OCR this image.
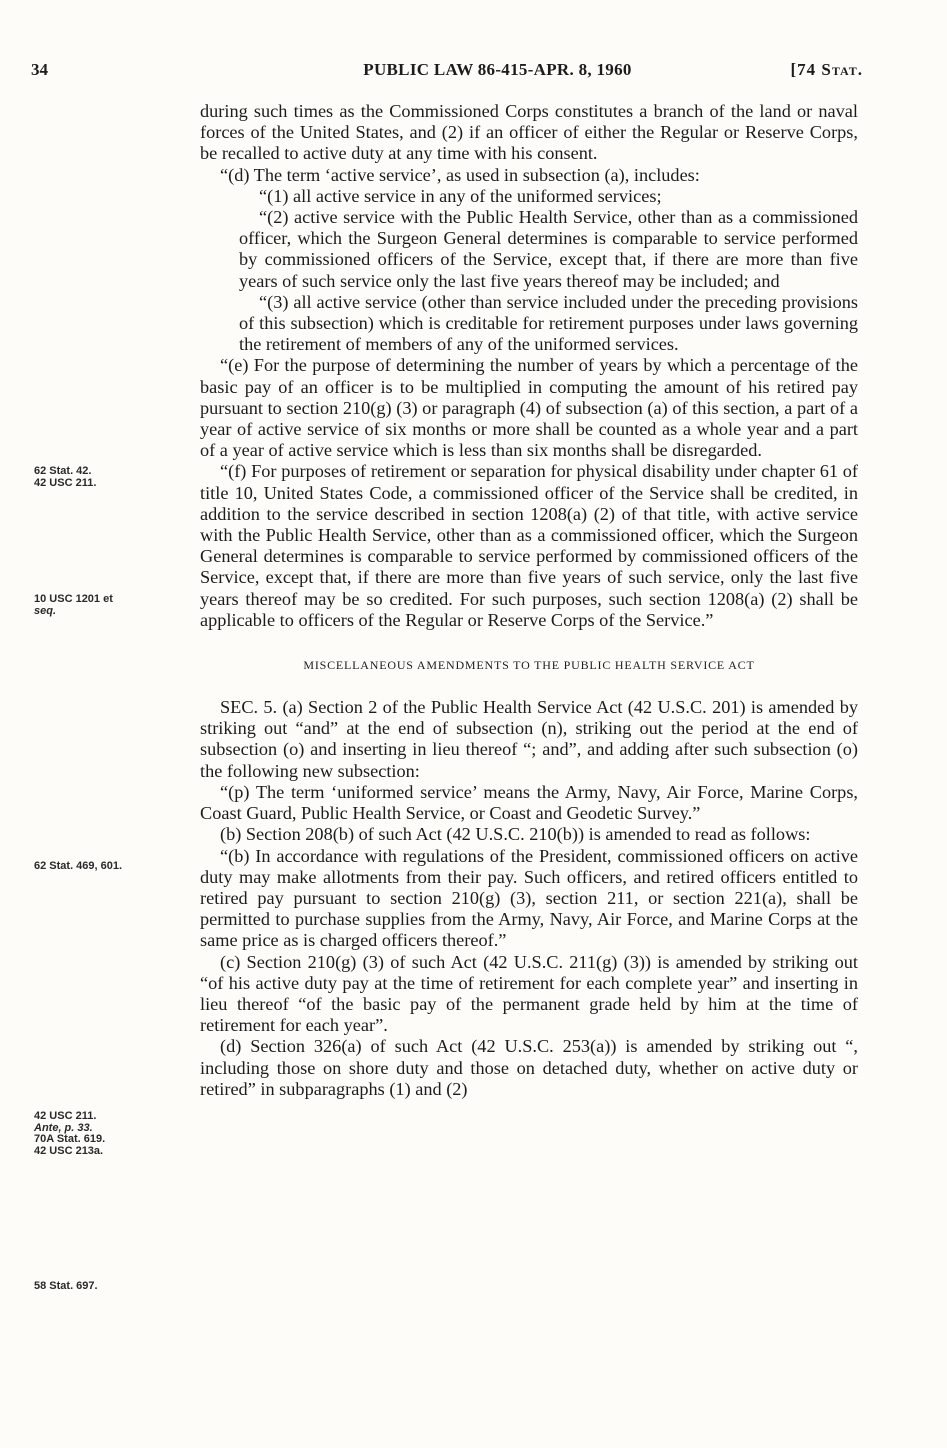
34	PUBLIC LAW 86-415-APR. 8, 1960	[74 STAT.
62 Stat. 42.
42 USC 211.
10 USC 1201 et
seq.
62 Stat. 469, 601.
42 USC 211.
Ante, p. 33.
70A Stat. 619.
42 USC 213a.
58 Stat. 697.

during such times as the Commissioned Corps constitutes a branch of the land or naval forces of the United States, and (2) if an officer of either the Regular or Reserve Corps, be recalled to active duty at any time with his consent.

“(d) The term ‘active service’, as used in subsection (a), includes:

“(1) all active service in any of the uniformed services;

“(2) active service with the Public Health Service, other than as a commissioned officer, which the Surgeon General determines is comparable to service performed by commissioned officers of the Service, except that, if there are more than five years of such service only the last five years thereof may be included; and

“(3) all active service (other than service included under the preceding provisions of this subsection) which is creditable for retirement purposes under laws governing the retirement of members of any of the uniformed services.

“(e) For the purpose of determining the number of years by which a percentage of the basic pay of an officer is to be multiplied in computing the amount of his retired pay pursuant to section 210(g) (3) or paragraph (4) of subsection (a) of this section, a part of a year of active service of six months or more shall be counted as a whole year and a part of a year of active service which is less than six months shall be disregarded.

“(f) For purposes of retirement or separation for physical disability under chapter 61 of title 10, United States Code, a commissioned officer of the Service shall be credited, in addition to the service described in section 1208(a) (2) of that title, with active service with the Public Health Service, other than as a commissioned officer, which the Surgeon General determines is comparable to service performed by commissioned officers of the Service, except that, if there are more than five years of such service, only the last five years thereof may be so credited. For such purposes, such section 1208(a) (2) shall be applicable to officers of the Regular or Reserve Corps of the Service.”

MISCELLANEOUS AMENDMENTS TO THE PUBLIC HEALTH SERVICE ACT

SEC. 5. (a) Section 2 of the Public Health Service Act (42 U.S.C. 201) is amended by striking out “and” at the end of subsection (n), striking out the period at the end of subsection (o) and inserting in lieu thereof “; and”, and adding after such subsection (o) the following new subsection:

“(p) The term ‘uniformed service’ means the Army, Navy, Air Force, Marine Corps, Coast Guard, Public Health Service, or Coast and Geodetic Survey.”

(b) Section 208(b) of such Act (42 U.S.C. 210(b)) is amended to read as follows:

“(b) In accordance with regulations of the President, commissioned officers on active duty may make allotments from their pay. Such officers, and retired officers entitled to retired pay pursuant to section 210(g) (3), section 211, or section 221(a), shall be permitted to purchase supplies from the Army, Navy, Air Force, and Marine Corps at the same price as is charged officers thereof.”

(c) Section 210(g) (3) of such Act (42 U.S.C. 211(g) (3)) is amended by striking out “of his active duty pay at the time of retirement for each complete year” and inserting in lieu thereof “of the basic pay of the permanent grade held by him at the time of retirement for each year”.

(d) Section 326(a) of such Act (42 U.S.C. 253(a)) is amended by striking out “, including those on shore duty and those on detached duty, whether on active duty or retired” in subparagraphs (1) and (2)
